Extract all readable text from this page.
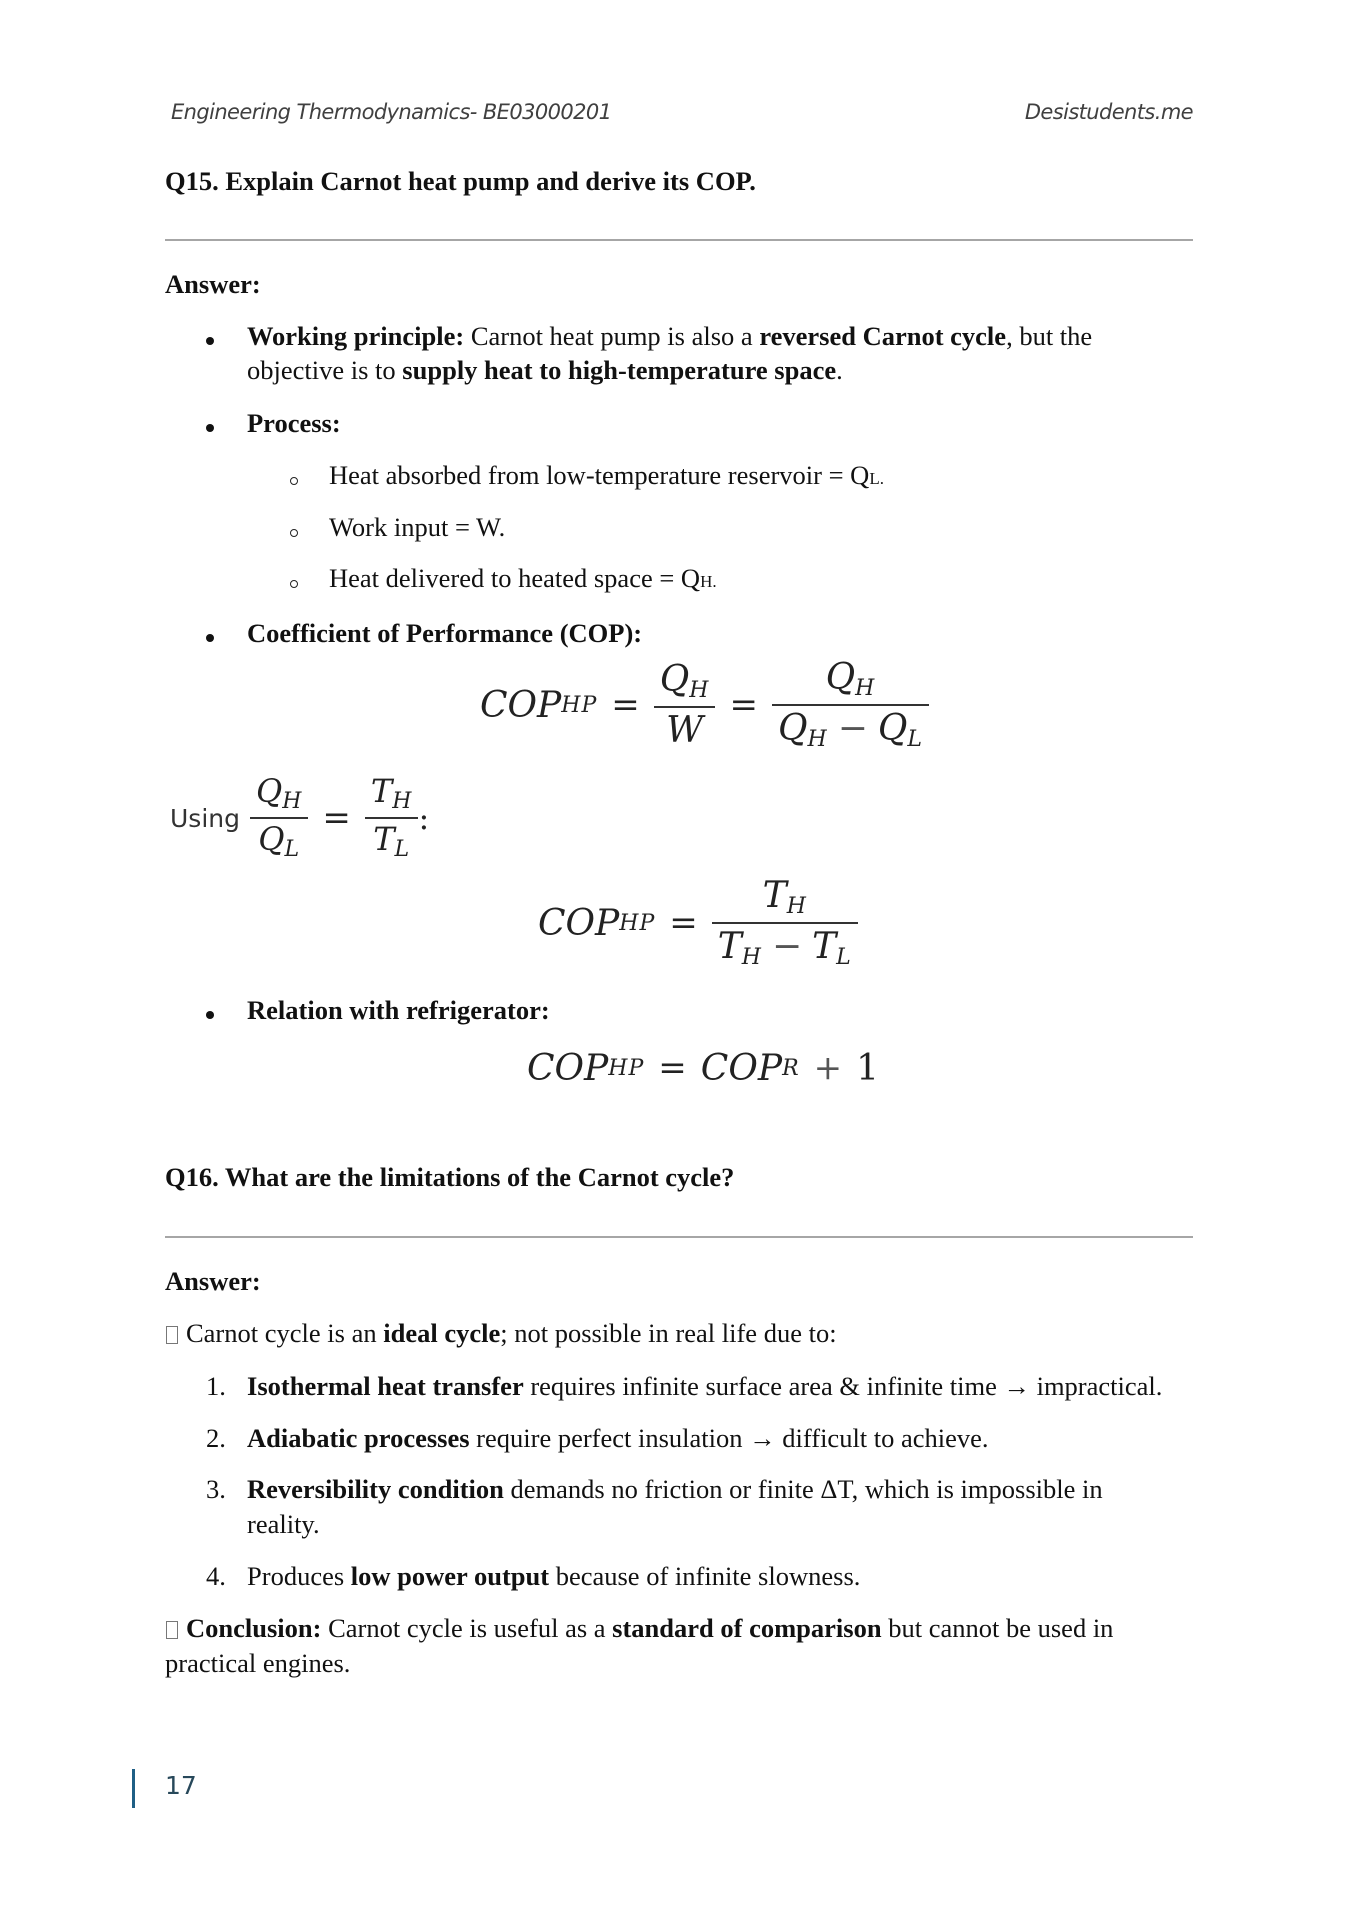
Engineering Thermodynamics- BE03000201	Desistudents.me
Q15. Explain Carnot heat pump and derive its COP.
Answer:
Working principle: Carnot heat pump is also a reversed Carnot cycle, but the
objective is to supply heat to high-temperature space.
Process:
Heat absorbed from low-temperature reservoir = QL.
Work input = W.
Heat delivered to heated space = QH.
Coefficient of Performance (COP):
COP HP = $\frac{Q_H}{W} = \frac{Q_H}{Q_H - Q_L}$
Using $\frac{Q_H}{Q_L} = \frac{T_H}{T_L}$ :
COP HP = $\frac{T_H}{T_H - T_L}$
Relation with refrigerator:
COP HP = COP R + 1
Q16. What are the limitations of the Carnot cycle?
Answer:
Carnot cycle is an ideal cycle; not possible in real life due to:
1. Isothermal heat transfer requires infinite surface area & infinite time → impractical.
2. Adiabatic processes require perfect insulation → difficult to achieve.
3. Reversibility condition demands no friction or finite ΔT, which is impossible in
reality.
4. Produces low power output because of infinite slowness.
Conclusion: Carnot cycle is useful as a standard of comparison but cannot be used in
practical engines.
17
